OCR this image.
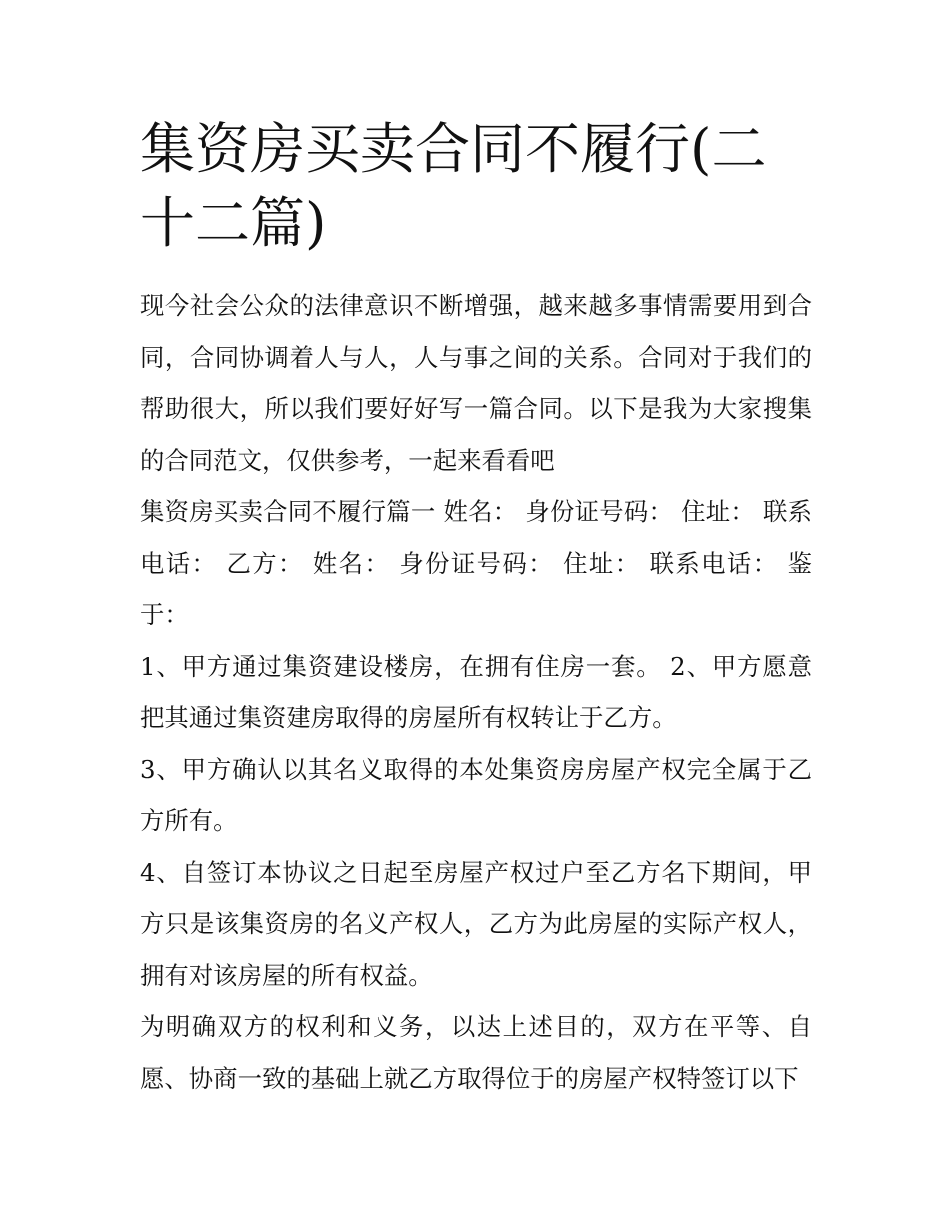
集资房买卖合同不履行(二十二篇)

现今社会公众的法律意识不断增强，越来越多事情需要用到合同，合同协调着人与人，人与事之间的关系。合同对于我们的帮助很大，所以我们要好好写一篇合同。以下是我为大家搜集的合同范文，仅供参考，一起来看看吧

集资房买卖合同不履行篇一 姓名： 身份证号码： 住址： 联系电话： 乙方： 姓名： 身份证号码： 住址： 联系电话： 鉴于：

1、甲方通过集资建设楼房，在拥有住房一套。 2、甲方愿意把其通过集资建房取得的房屋所有权转让于乙方。

3、甲方确认以其名义取得的本处集资房房屋产权完全属于乙方所有。

4、自签订本协议之日起至房屋产权过户至乙方名下期间，甲方只是该集资房的名义产权人，乙方为此房屋的实际产权人，拥有对该房屋的所有权益。

为明确双方的权利和义务，以达上述目的，双方在平等、自愿、协商一致的基础上就乙方取得位于的房屋产权特签订以下
